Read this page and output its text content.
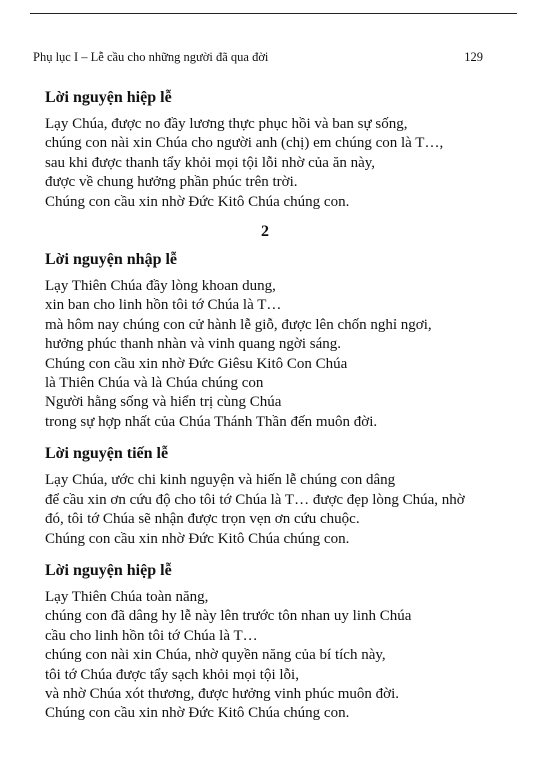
Phụ lục I – Lễ cầu cho những người đã qua đời	129
Lời nguyện hiệp lễ
Lạy Chúa, được no đầy lương thực phục hồi và ban sự sống,
chúng con nài xin Chúa cho người anh (chị) em chúng con là T…,
sau khi được thanh tẩy khỏi mọi tội lỗi nhờ của ăn này,
được về chung hưởng phần phúc trên trời.
Chúng con cầu xin nhờ Đức Kitô Chúa chúng con.
2
Lời nguyện nhập lễ
Lạy Thiên Chúa đầy lòng khoan dung,
xin ban cho linh hồn tôi tớ Chúa là T…
mà hôm nay chúng con cử hành lễ giỗ, được lên chốn nghỉ ngơi,
hưởng phúc thanh nhàn và vinh quang ngời sáng.
Chúng con cầu xin nhờ Đức Giêsu Kitô Con Chúa
là Thiên Chúa và là Chúa chúng con
Người hằng sống và hiển trị cùng Chúa
trong sự hợp nhất của Chúa Thánh Thần đến muôn đời.
Lời nguyện tiến lễ
Lạy Chúa, ước chi kinh nguyện và hiến lễ chúng con dâng
để cầu xin ơn cứu độ cho tôi tớ Chúa là T… được đẹp lòng Chúa, nhờ
đó, tôi tớ Chúa sẽ nhận được trọn vẹn ơn cứu chuộc.
Chúng con cầu xin nhờ Đức Kitô Chúa chúng con.
Lời nguyện hiệp lễ
Lạy Thiên Chúa toàn năng,
chúng con đã dâng hy lễ này lên trước tôn nhan uy linh Chúa
cầu cho linh hồn tôi tớ Chúa là T…
chúng con nài xin Chúa, nhờ quyền năng của bí tích này,
tôi tớ Chúa được tẩy sạch khỏi mọi tội lỗi,
và nhờ Chúa xót thương, được hưởng vinh phúc muôn đời.
Chúng con cầu xin nhờ Đức Kitô Chúa chúng con.
